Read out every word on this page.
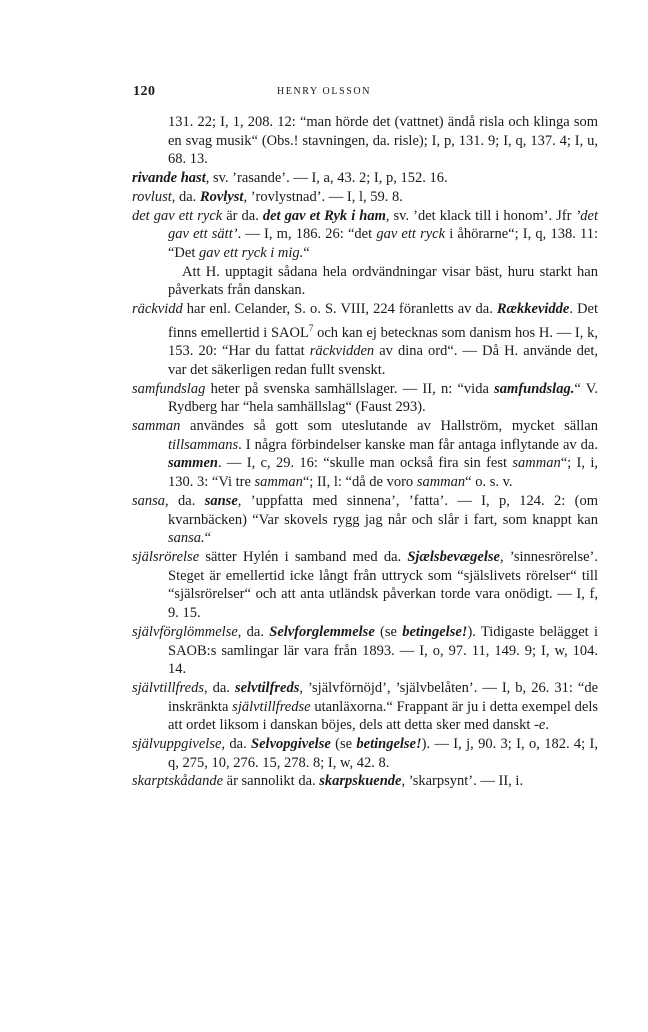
120	HENRY OLSSON
131. 22; I, 1, 208. 12: “man hörde det (vattnet) ändå risla och klinga som en svag musik“ (Obs.! stavningen, da. risle); I, p, 131. 9; I, q, 137. 4; I, u, 68. 13.
rivande hast, sv. ’rasande’. — I, a, 43. 2; I, p, 152. 16.
rovlust, da. Rovlyst, ’rovlystnad’. — I, l, 59. 8.
det gav ett ryck är da. det gav et Ryk i ham, sv. ’det klack till i honom’. Jfr ’det gav ett sätt’. — I, m, 186. 26: “det gav ett ryck i åhörarne“; I, q, 138. 11: “Det gav ett ryck i mig.“
Att H. upptagit sådana hela ordvändningar visar bäst, huru starkt han påverkats från danskan.
räckvidd har enl. Celander, S. o. S. VIII, 224 föranletts av da. Rækkevidde. Det finns emellertid i SAOL$^7$ och kan ej betecknas som danism hos H. — I, k, 153. 20: “Har du fattat räckvidden av dina ord“. — Då H. använde det, var det säkerligen redan fullt svenskt.
samfundslag heter på svenska samhällslager. — II, n: “vida samfundslag.“ V. Rydberg har “hela samhällslag“ (Faust 293).
samman användes så gott som uteslutande av Hallström, mycket sällan tillsammans. I några förbindelser kanske man får antaga inflytande av da. sammen. — I, c, 29. 16: “skulle man också fira sin fest samman“; I, i, 130. 3: “Vi tre samman“; II, l: “då de voro samman“ o. s. v.
sansa, da. sanse, ’uppfatta med sinnena’, ’fatta’. — I, p, 124. 2: (om kvarnbäcken) “Var skovels rygg jag når och slår i fart, som knappt kan sansa.“
själsrörelse sätter Hylén i samband med da. Sjælsbevægelse, ’sinnesrörelse’. Steget är emellertid icke långt från uttryck som “själslivets rörelser“ till “själsrörelser“ och att anta utländsk påverkan torde vara onödigt. — I, f, 9. 15.
självförglömmelse, da. Selvforglemmelse (se betingelse!). Tidigaste belägget i SAOB:s samlingar lär vara från 1893. — I, o, 97. 11, 149. 9; I, w, 104. 14.
självtillfreds, da. selvtilfreds, ’självförnöjd’, ’självbelåten’. — I, b, 26. 31: “de inskränkta självtillfredse utanläxorna.“ Frappant är ju i detta exempel dels att ordet liksom i danskan böjes, dels att detta sker med danskt -e.
självuppgivelse, da. Selvopgivelse (se betingelse!). — I, j, 90. 3; I, o, 182. 4; I, q, 275, 10, 276. 15, 278. 8; I, w, 42. 8.
skarptskådande är sannolikt da. skarpskuende, ’skarpsynt’. — II, i.
